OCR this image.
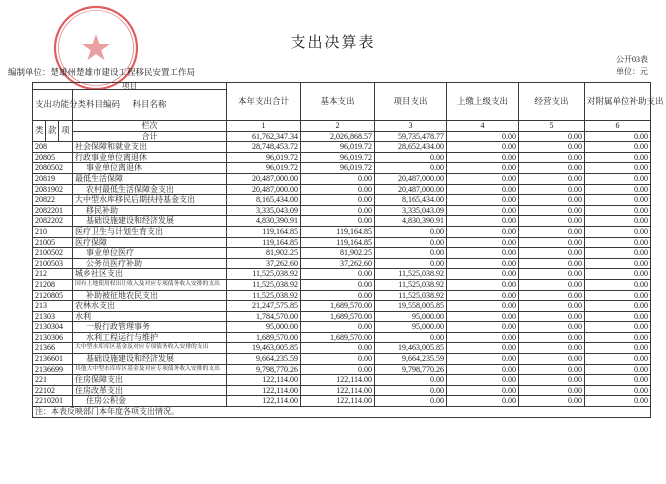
支出决算表
公开03表
编制单位：楚雄州楚雄市建设工程移民安置工作局	单位：元
项目				本年支出合计	基本支出	项目支出	上缴上级支出	经营支出	对附属单位补助支出
支出功能分类科目编码			科目名称						
类	款	项	栏次	1	2	3	4	5	6
			合计	61,762,347.34	2,026,868.57	59,735,478.77	0.00	0.00	0.00
208			社会保障和就业支出	28,748,453.72	96,019.72	28,652,434.00	0.00	0.00	0.00
20805			行政事业单位离退休	96,019.72	96,019.72	0.00	0.00	0.00	0.00
2080502			事业单位离退休	96,019.72	96,019.72	0.00	0.00	0.00	0.00
20819			最低生活保障	20,487,000.00	0.00	20,487,000.00	0.00	0.00	0.00
2081902			农村最低生活保障金支出	20,487,000.00	0.00	20,487,000.00	0.00	0.00	0.00
20822			大中型水库移民后期扶持基金支出	8,165,434.00	0.00	8,165,434.00	0.00	0.00	0.00
2082201			移民补助	3,335,043.09	0.00	3,335,043.09	0.00	0.00	0.00
2082202			基础设施建设和经济发展	4,830,390.91	0.00	4,830,390.91	0.00	0.00	0.00
210			医疗卫生与计划生育支出	119,164.85	119,164.85	0.00	0.00	0.00	0.00
21005			医疗保障	119,164.85	119,164.85	0.00	0.00	0.00	0.00
2100502			事业单位医疗	81,902.25	81,902.25	0.00	0.00	0.00	0.00
2100503			公务员医疗补助	37,262.60	37,262.60	0.00	0.00	0.00	0.00
212			城乡社区支出	11,525,038.92	0.00	11,525,038.92	0.00	0.00	0.00
21208			国有土地使用权出让收入及对应专项债务收入安排的支出	11,525,038.92	0.00	11,525,038.92	0.00	0.00	0.00
2120805			补助被征地农民支出	11,525,038.92	0.00	11,525,038.92	0.00	0.00	0.00
213			农林水支出	21,247,575.85	1,689,570.00	19,558,005.85	0.00	0.00	0.00
21303			水利	1,784,570.00	1,689,570.00	95,000.00	0.00	0.00	0.00
2130304			一般行政管理事务	95,000.00	0.00	95,000.00	0.00	0.00	0.00
2130306			水利工程运行与维护	1,689,570.00	1,689,570.00	0.00	0.00	0.00	0.00
21366			大中型水库库区基金及对应专项债务收入安排的支出	19,463,005.85	0.00	19,463,005.85	0.00	0.00	0.00
2136601			基础设施建设和经济发展	9,664,235.59	0.00	9,664,235.59	0.00	0.00	0.00
2136699			其他大中型水库库区基金及对应专项债务收入安排的支出	9,798,770.26	0.00	9,798,770.26	0.00	0.00	0.00
221			住房保障支出	122,114.00	122,114.00	0.00	0.00	0.00	0.00
22102			住房改革支出	122,114.00	122,114.00	0.00	0.00	0.00	0.00
2210201			住房公积金	122,114.00	122,114.00	0.00	0.00	0.00	0.00
注：本表反映部门本年度各项支出情况。									
